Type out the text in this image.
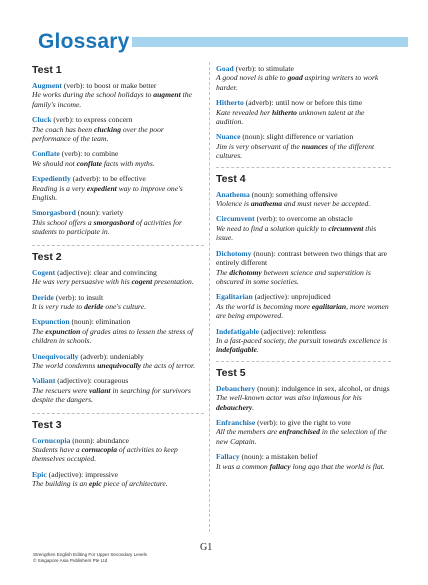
Glossary
Test 1
Augment (verb): to boost or make better
He works during the school holidays to augment the family's income.
Cluck (verb): to express concern
The coach has been clucking over the poor performance of the team.
Conflate (verb): to combine
We should not conflate facts with myths.
Expediently (adverb): to be effective
Reading is a very expedient way to improve one's English.
Smorgasbord (noun): variety
This school offers a smorgasbord of activities for students to participate in.
Test 2
Cogent (adjective): clear and convincing
He was very persuasive with his cogent presentation.
Deride (verb): to insult
It is very rude to deride one's culture.
Expunction (noun): elimination
The expunction of grades aims to lessen the stress of children in schools.
Unequivocally (adverb): undeniably
The world condemns unequivocally the acts of terror.
Valiant (adjective): courageous
The rescuers were valiant in searching for survivors despite the dangers.
Test 3
Cornucopia (noun): abundance
Students have a cornucopia of activities to keep themselves occupied.
Epic (adjective): impressive
The building is an epic piece of architecture.
Goad (verb): to stimulate
A good novel is able to goad aspiring writers to work harder.
Hitherto (adverb): until now or before this time
Kate revealed her hitherto unknown talent at the audition.
Nuance (noun): slight difference or variation
Jim is very observant of the nuances of the different cultures.
Test 4
Anathema (noun): something offensive
Violence is anathema and must never be accepted.
Circumvent (verb): to overcome an obstacle
We need to find a solution quickly to circumvent this issue.
Dichotomy (noun): contrast between two things that are entirely different
The dichotomy between science and superstition is obscured in some societies.
Egalitarian (adjective): unprejudiced
As the world is becoming more egalitarian, more women are being empowered.
Indefatigable (adjective): relentless
In a fast-paced society, the pursuit towards excellence is indefatigable.
Test 5
Debauchery (noun): indulgence in sex, alcohol, or drugs
The well-known actor was also infamous for his debauchery.
Enfranchise (verb): to give the right to vote
All the members are enfranchised in the selection of the new Captain.
Fallacy (noun): a mistaken belief
It was a common fallacy long ago that the world is flat.
G1
Strengthen English Editing For Upper Secondary Levels
© Singapore Asia Publishers Pte Ltd
